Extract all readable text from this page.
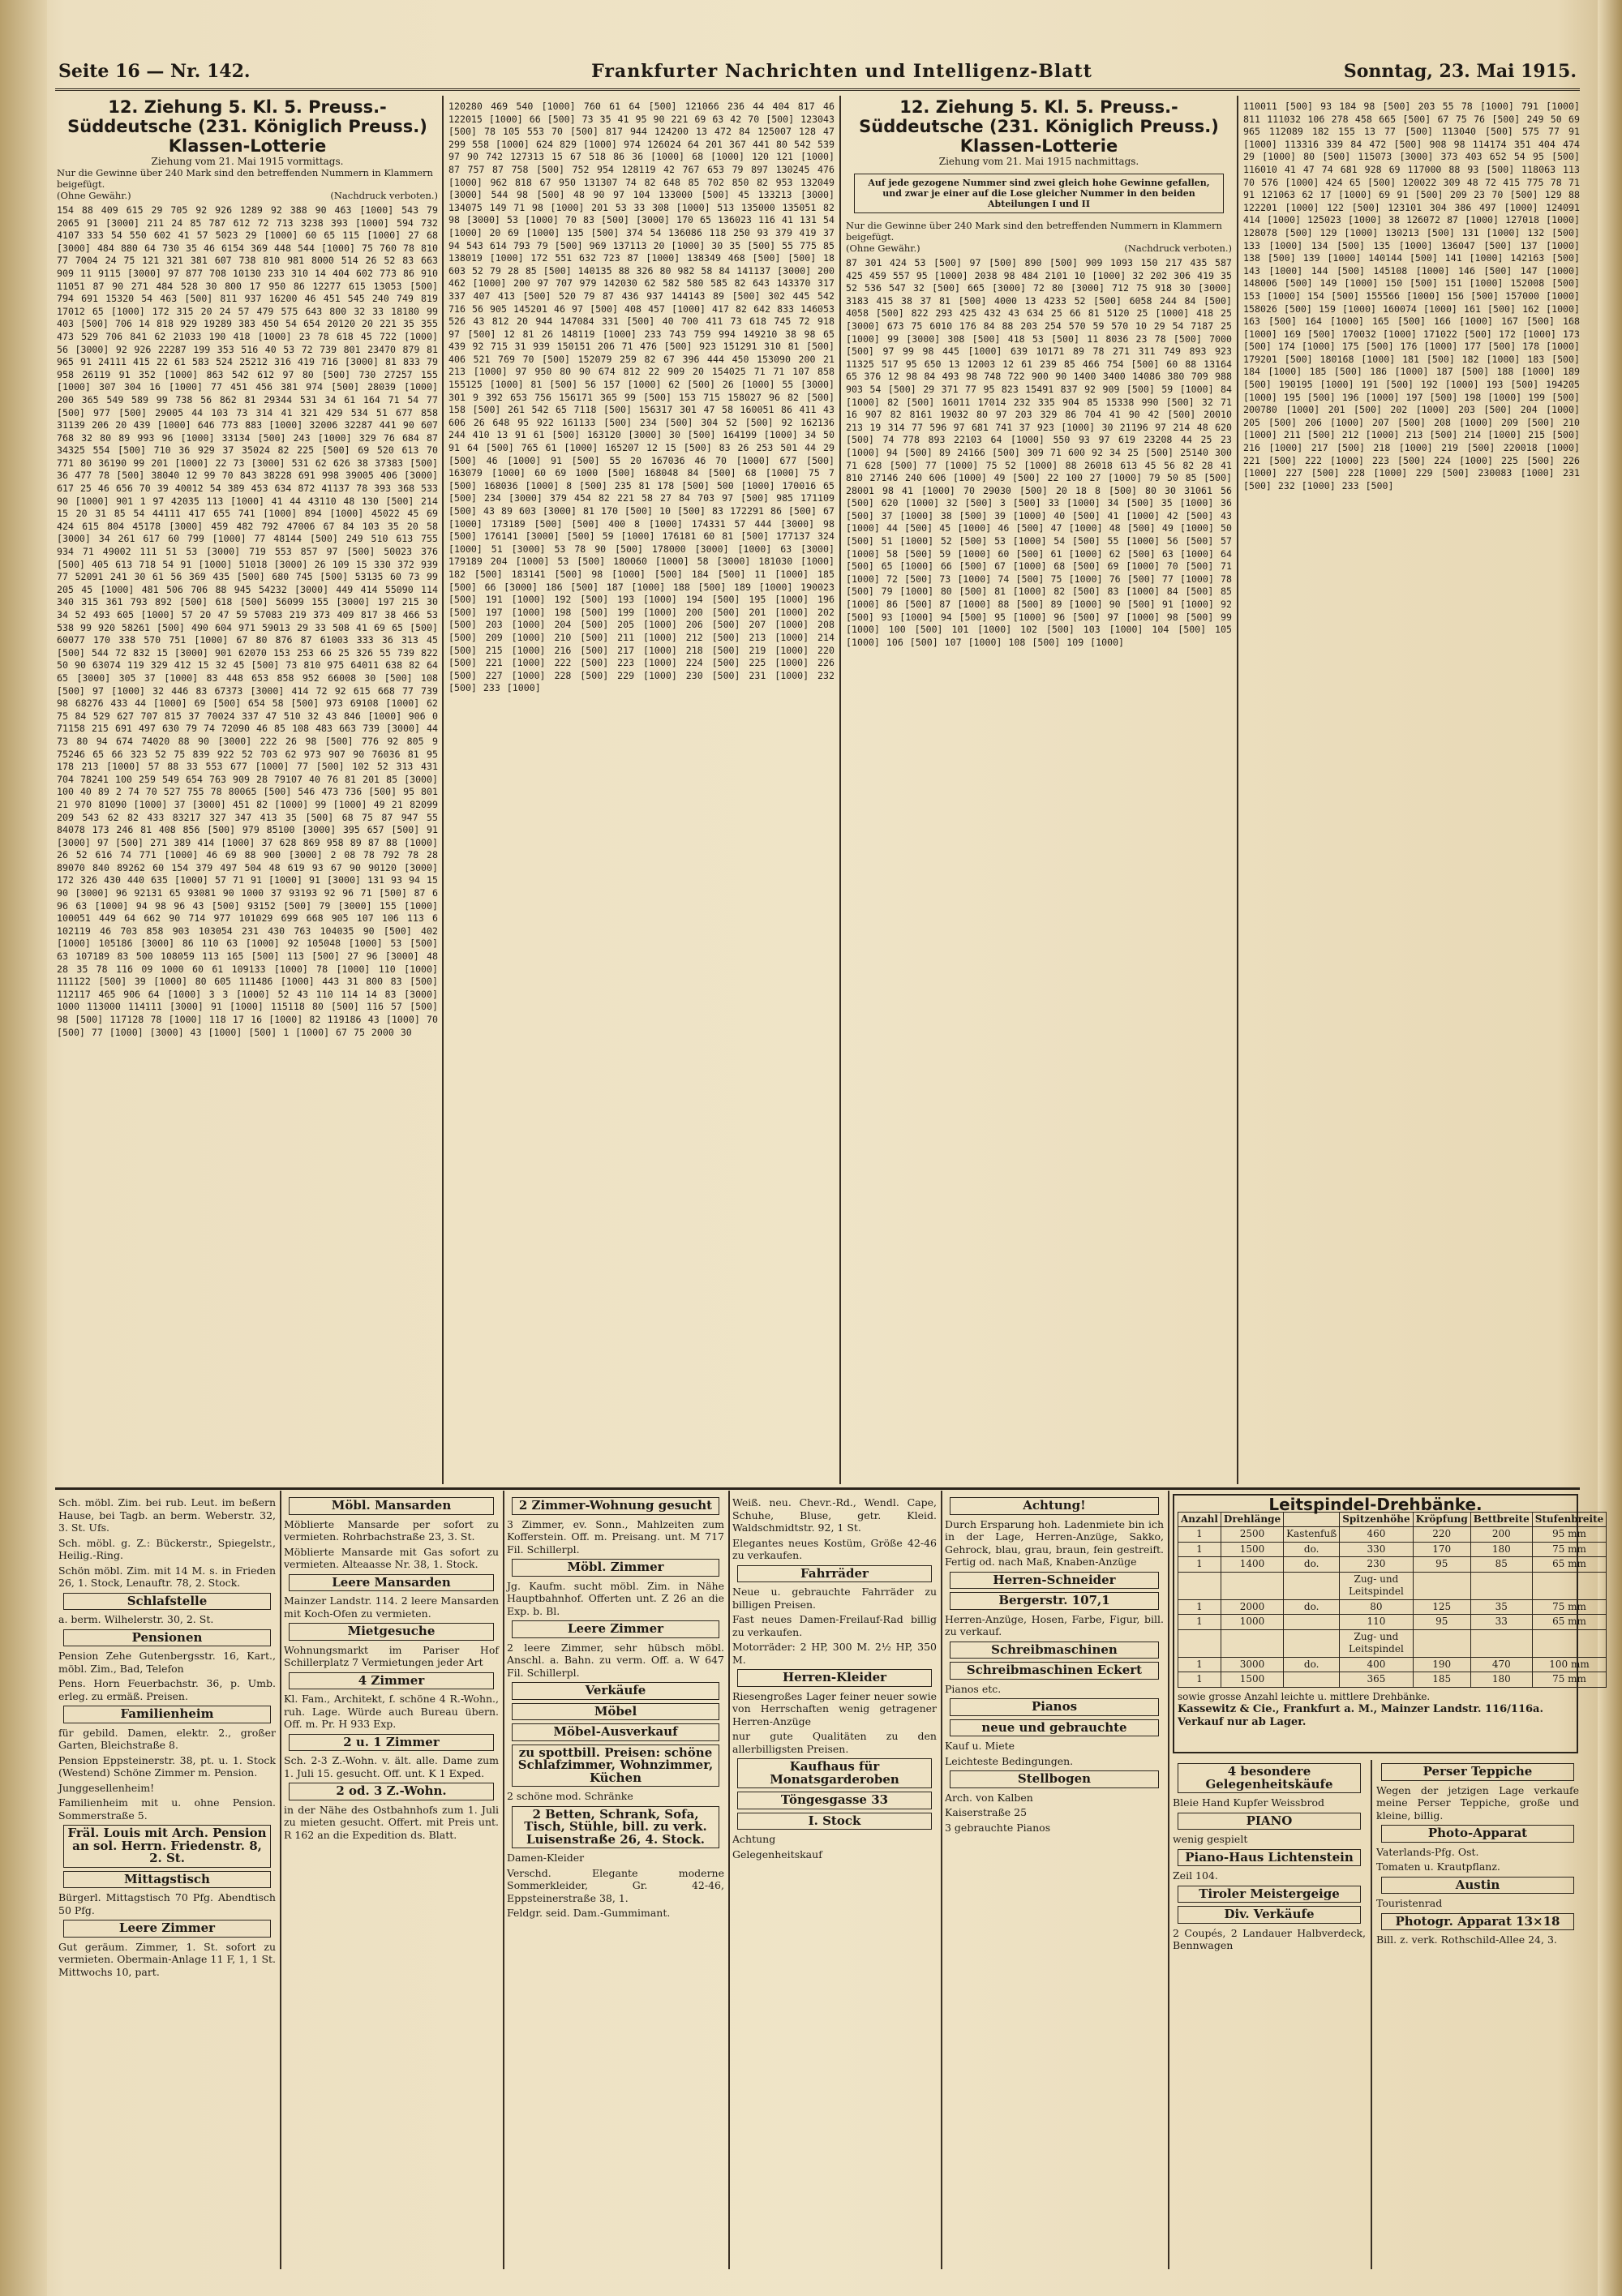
Seite 16 — Nr. 142.	Frankfurter Nachrichten und Intelligenz-Blatt	Sonntag, 23. Mai 1915.
12. Ziehung 5. Kl. 5. Preuss.-Süddeutsche (231. Königlich Preuss.) Klassen-Lotterie
Ziehung vom 21. Mai 1915 vormittags.
Nur die Gewinne über 240 Mark sind den betreffenden Nummern in Klammern beigefügt.
(Ohne Gewähr.)	(Nachdruck verboten.)
154 88 409 615 29 705 92 926 1289 92 388 90 463 [1000] 543 79 2065 91 [3000] 211 24 85 787 612 72 713 3238 393 [1000] 594 732 4107 333 54 550 602 41 57 5023 29 [1000] 60 65 115 [1000] 27 68 [3000] 484 880 64 730 35 46 6154 369 448 544 [1000] 75 760 78 810 77 7004 24 75 121 321 381 607 738 810 981 8000 514 26 52 83 663 909 11 9115 [3000] 97 877 708 10130 233 310 14 404 602 773 86 910 11051 87 90 271 484 528 30 800 17 950 86 12277 615 13053 [500] 794 691 15320 54 463 [500] 811 937 16200 46 451 545 240 749 819 17012 65 [1000] 172 315 20 24 57 479 575 643 800 32 33 18180 99 403 [500] 706 14 818 929 19289 383 450 54 654 20120 20 221 35 355 473 529 706 841 62 21033 190 418 [1000] 23 78 618 45 722 [1000] 56 [3000] 92 926 22287 199 353 516 40 53 72 739 801 23470 879 81 965 91 24111 415 22 61 583 524 25212 316 419 716 [3000] 81 833 79 958 26119 91 352 [1000] 863 542 612 97 80 [500] 730 27257 155 [1000] 307 304 16 [1000] 77 451 456 381 974 [500] 28039 [1000] 200 365 549 589 99 738 56 862 81 29344 531 34 61 164 71 54 77 [500] 977 [500] 29005 44 103 73 314 41 321 429 534 51 677 858 31139 206 20 439 [1000] 646 773 883 [1000] 32006 32287 441 90 607 768 32 80 89 993 96 [1000] 33134 [500] 243 [1000] 329 76 684 87 34325 554 [500] 710 36 929 37 35024 82 225 [500] 69 520 613 70 771 80 36190 99 201 [1000] 22 73 [3000] 531 62 626 38 37383 [500] 36 477 78 [500] 38040 12 99 70 843 38228 691 998 39005 406 [3000] 617 25 46 656 70 39 40012 54 389 453 634 872 41137 78 393 368 533 90 [1000] 901 1 97 42035 113 [1000] 41 44 43110 48 130 [500] 214 15 20 31 85 54 44111 417 655 741 [1000] 894 [1000] 45022 45 69 424 615 804 45178 [3000] 459 482 792 47006 67 84 103 35 20 58 [3000] 34 261 617 60 799 [1000] 77 48144 [500] 249 510 613 755 934 71 49002 111 51 53 [3000] 719 553 857 97 [500] 50023 376 [500] 405 613 718 54 91 [1000] 51018 [3000] 26 109 15 330 372 939 77 52091 241 30 61 56 369 435 [500] 680 745 [500] 53135 60 73 99 205 45 [1000] 481 506 706 88 945 54232 [3000] 449 414 55090 114 340 315 361 793 892 [500] 618 [500] 56099 155 [3000] 197 215 30 34 52 493 605 [1000] 57 20 47 59 57083 219 373 409 817 38 466 53 538 99 920 58261 [500] 490 604 971 59013 29 33 508 41 69 65 [500] 60077 170 338 570 751 [1000] 67 80 876 87 61003 333 36 313 45 [500] 544 72 832 15 [3000] 901 62070 153 253 66 25 326 55 739 822 50 90 63074 119 329 412 15 32 45 [500] 73 810 975 64011 638 82 64 65 [3000] 305 37 [1000] 83 448 653 858 952 66008 30 [500] 108 [500] 97 [1000] 32 446 83 67373 [3000] 414 72 92 615 668 77 739 98 68276 433 44 [1000] 69 [500] 654 58 [500] 973 69108 [1000] 62 75 84 529 627 707 815 37 70024 337 47 510 32 43 846 [1000] 906 0 71158 215 691 497 630 79 74 72090 46 85 108 483 663 739 [3000] 44 73 80 94 674 74020 88 90 [3000] 222 26 98 [500] 776 92 805 9 75246 65 66 323 52 75 839 922 52 703 62 973 907 90 76036 81 95 178 213 [1000] 57 88 33 553 677 [1000] 77 [500] 102 52 313 431 704 78241 100 259 549 654 763 909 28 79107 40 76 81 201 85 [3000] 100 40 89 2 74 70 527 755 78 80065 [500] 546 473 736 [500] 95 801 21 970 81090 [1000] 37 [3000] 451 82 [1000] 99 [1000] 49 21 82099 209 543 62 82 433 83217 327 347 413 35 [500] 68 75 87 947 55 84078 173 246 81 408 856 [500] 979 85100 [3000] 395 657 [500] 91 [3000] 97 [500] 271 389 414 [1000] 37 628 869 958 89 87 88 [1000] 26 52 616 74 771 [1000] 46 69 88 900 [3000] 2 08 78 792 78 28 89070 840 89262 60 154 379 497 504 48 619 93 67 90 90120 [3000] 172 326 430 440 635 [1000] 57 71 91 [1000] 91 [3000] 131 93 94 15 90 [3000] 96 92131 65 93081 90 1000 37 93193 92 96 71 [500] 87 6 96 63 [1000] 94 98 96 43 [500] 93152 [500] 79 [3000] 155 [1000] 100051 449 64 662 90 714 977 101029 699 668 905 107 106 113 6 102119 46 703 858 903 103054 231 430 763 104035 90 [500] 402 [1000] 105186 [3000] 86 110 63 [1000] 92 105048 [1000] 53 [500] 63 107189 83 500 108059 113 165 [500] 113 [500] 27 96 [3000] 48 28 35 78 116 09 1000 60 61 109133 [1000] 78 [1000] 110 [1000] 111122 [500] 39 [1000] 80 605 111486 [1000] 443 31 800 83 [500] 112117 465 906 64 [1000] 3 3 [1000] 52 43 110 114 14 83 [3000] 1000 113000 114111 [3000] 91 [1000] 115118 80 [500] 116 57 [500] 98 [500] 117128 78 [1000] 118 17 16 [1000] 82 119186 43 [1000] 70 [500] 77 [1000] [3000] 43 [1000] [500] 1 [1000] 67 75 2000 30
120280 469 540 [1000] 760 61 64 [500] 121066 236 44 404 817 46 122015 [1000] 66 [500] 73 35 41 95 90 221 69 63 42 70 [500] 123043 [500] 78 105 553 70 [500] 817 944 124200 13 472 84 125007 128 47 299 558 [1000] 624 829 [1000] 974 126024 64 201 367 441 80 542 539 97 90 742 127313 15 67 518 86 36 [1000] 68 [1000] 120 121 [1000] 87 757 87 758 [500] 752 954 128119 42 767 653 79 897 130245 476 [1000] 962 818 67 950 131307 74 82 648 85 702 850 82 953 132049 [3000] 544 98 [500] 48 90 97 104 133000 [500] 45 133213 [3000] 134075 149 71 98 [1000] 201 53 33 308 [1000] 513 135000 135051 82 98 [3000] 53 [1000] 70 83 [500] [3000] 170 65 136023 116 41 131 54 [1000] 20 69 [1000] 135 [500] 374 54 136086 118 250 93 379 419 37 94 543 614 793 79 [500] 969 137113 20 [1000] 30 35 [500] 55 775 85 138019 [1000] 172 551 632 723 87 [1000] 138349 468 [500] [500] 18 603 52 79 28 85 [500] 140135 88 326 80 982 58 84 141137 [3000] 200 462 [1000] 200 97 707 979 142030 62 582 580 585 82 643 143370 317 337 407 413 [500] 520 79 87 436 937 144143 89 [500] 302 445 542 716 56 905 145201 46 97 [500] 408 457 [1000] 417 82 642 833 146053 526 43 812 20 944 147084 331 [500] 40 700 411 73 618 745 72 918 97 [500] 12 81 26 148119 [1000] 233 743 759 994 149210 38 98 65 439 92 715 31 939 150151 206 71 476 [500] 923 151291 310 81 [500] 406 521 769 70 [500] 152079 259 82 67 396 444 450 153090 200 21 213 [1000] 97 950 80 90 674 812 22 909 20 154025 71 71 107 858 155125 [1000] 81 [500] 56 157 [1000] 62 [500] 26 [1000] 55 [3000] 301 9 392 653 756 156171 365 99 [500] 153 715 158027 96 82 [500] 158 [500] 261 542 65 7118 [500] 156317 301 47 58 160051 86 411 43 606 26 648 95 922 161133 [500] 234 [500] 304 52 [500] 92 162136 244 410 13 91 61 [500] 163120 [3000] 30 [500] 164199 [1000] 34 50 91 64 [500] 765 61 [1000] 165207 12 15 [500] 83 26 253 501 44 29 [500] 46 [1000] 91 [500] 55 20 167036 46 70 [1000] 677 [500] 163079 [1000] 60 69 1000 [500] 168048 84 [500] 68 [1000] 75 7 [500] 168036 [1000] 8 [500] 235 81 178 [500] 500 [1000] 170016 65 [500] 234 [3000] 379 454 82 221 58 27 84 703 97 [500] 985 171109 [500] 43 89 603 [3000] 81 170 [500] 10 [500] 83 172291 86 [500] 67 [1000] 173189 [500] [500] 400 8 [1000] 174331 57 444 [3000] 98 [500] 176141 [3000] [500] 59 [1000] 176181 60 81 [500] 177137 324 [1000] 51 [3000] 53 78 90 [500] 178000 [3000] [1000] 63 [3000] 179189 204 [1000] 53 [500] 180060 [1000] 58 [3000] 181030 [1000] 182 [500] 183141 [500] 98 [1000] [500] 184 [500] 11 [1000] 185 [500] 66 [3000] 186 [500] 187 [1000] 188 [500] 189 [1000] 190023 [500] 191 [1000] 192 [500] 193 [1000] 194 [500] 195 [1000] 196 [500] 197 [1000] 198 [500] 199 [1000] 200 [500] 201 [1000] 202 [500] 203 [1000] 204 [500] 205 [1000] 206 [500] 207 [1000] 208 [500] 209 [1000] 210 [500] 211 [1000] 212 [500] 213 [1000] 214 [500] 215 [1000] 216 [500] 217 [1000] 218 [500] 219 [1000] 220 [500] 221 [1000] 222 [500] 223 [1000] 224 [500] 225 [1000] 226 [500] 227 [1000] 228 [500] 229 [1000] 230 [500] 231 [1000] 232 [500] 233 [1000]
12. Ziehung 5. Kl. 5. Preuss.-Süddeutsche (231. Königlich Preuss.) Klassen-Lotterie
Ziehung vom 21. Mai 1915 nachmittags.
Auf jede gezogene Nummer sind zwei gleich hohe Gewinne gefallen, und zwar je einer auf die Lose gleicher Nummer in den beiden Abteilungen I und II
Nur die Gewinne über 240 Mark sind den betreffenden Nummern in Klammern beigefügt.
(Ohne Gewähr.)	(Nachdruck verboten.)
87 301 424 53 [500] 97 [500] 890 [500] 909 1093 150 217 435 587 425 459 557 95 [1000] 2038 98 484 2101 10 [1000] 32 202 306 419 35 52 536 547 32 [500] 665 [3000] 72 80 [3000] 712 75 918 30 [3000] 3183 415 38 37 81 [500] 4000 13 4233 52 [500] 6058 244 84 [500] 4058 [500] 822 293 425 432 43 634 25 66 81 5120 25 [1000] 418 25 [3000] 673 75 6010 176 84 88 203 254 570 59 570 10 29 54 7187 25 [1000] 99 [3000] 308 [500] 418 53 [500] 11 8036 23 78 [500] 7000 [500] 97 99 98 445 [1000] 639 10171 89 78 271 311 749 893 923 11325 517 95 650 13 12003 12 61 239 85 466 754 [500] 60 88 13164 65 376 12 98 84 493 98 748 722 900 90 1400 3400 14086 380 709 988 903 54 [500] 29 371 77 95 823 15491 837 92 909 [500] 59 [1000] 84 [1000] 82 [500] 16011 17014 232 335 904 85 15338 990 [500] 32 71 16 907 82 8161 19032 80 97 203 329 86 704 41 90 42 [500] 20010 213 19 314 77 596 97 681 741 37 923 [1000] 30 21196 97 214 48 620 [500] 74 778 893 22103 64 [1000] 550 93 97 619 23208 44 25 23 [1000] 94 [500] 89 24166 [500] 309 71 600 92 34 25 [500] 25140 300 71 628 [500] 77 [1000] 75 52 [1000] 88 26018 613 45 56 82 28 41 810 27146 240 606 [1000] 49 [500] 22 100 27 [1000] 79 50 85 [500] 28001 98 41 [1000] 70 29030 [500] 20 18 8 [500] 80 30 31061 56 [500] 620 [1000] 32 [500] 3 [500] 33 [1000] 34 [500] 35 [1000] 36 [500] 37 [1000] 38 [500] 39 [1000] 40 [500] 41 [1000] 42 [500] 43 [1000] 44 [500] 45 [1000] 46 [500] 47 [1000] 48 [500] 49 [1000] 50 [500] 51 [1000] 52 [500] 53 [1000] 54 [500] 55 [1000] 56 [500] 57 [1000] 58 [500] 59 [1000] 60 [500] 61 [1000] 62 [500] 63 [1000] 64 [500] 65 [1000] 66 [500] 67 [1000] 68 [500] 69 [1000] 70 [500] 71 [1000] 72 [500] 73 [1000] 74 [500] 75 [1000] 76 [500] 77 [1000] 78 [500] 79 [1000] 80 [500] 81 [1000] 82 [500] 83 [1000] 84 [500] 85 [1000] 86 [500] 87 [1000] 88 [500] 89 [1000] 90 [500] 91 [1000] 92 [500] 93 [1000] 94 [500] 95 [1000] 96 [500] 97 [1000] 98 [500] 99 [1000] 100 [500] 101 [1000] 102 [500] 103 [1000] 104 [500] 105 [1000] 106 [500] 107 [1000] 108 [500] 109 [1000]
110011 [500] 93 184 98 [500] 203 55 78 [1000] 791 [1000] 811 111032 106 278 458 665 [500] 67 75 76 [500] 249 50 69 965 112089 182 155 13 77 [500] 113040 [500] 575 77 91 [1000] 113316 339 84 472 [500] 908 98 114174 351 404 474 29 [1000] 80 [500] 115073 [3000] 373 403 652 54 95 [500] 116010 41 47 74 681 928 69 117000 88 93 [500] 118063 113 70 576 [1000] 424 65 [500] 120022 309 48 72 415 775 78 71 91 121063 62 17 [1000] 69 91 [500] 209 23 70 [500] 129 88 122201 [1000] 122 [500] 123101 304 386 497 [1000] 124091 414 [1000] 125023 [1000] 38 126072 87 [1000] 127018 [1000] 128078 [500] 129 [1000] 130213 [500] 131 [1000] 132 [500] 133 [1000] 134 [500] 135 [1000] 136047 [500] 137 [1000] 138 [500] 139 [1000] 140144 [500] 141 [1000] 142163 [500] 143 [1000] 144 [500] 145108 [1000] 146 [500] 147 [1000] 148006 [500] 149 [1000] 150 [500] 151 [1000] 152008 [500] 153 [1000] 154 [500] 155566 [1000] 156 [500] 157000 [1000] 158026 [500] 159 [1000] 160074 [1000] 161 [500] 162 [1000] 163 [500] 164 [1000] 165 [500] 166 [1000] 167 [500] 168 [1000] 169 [500] 170032 [1000] 171022 [500] 172 [1000] 173 [500] 174 [1000] 175 [500] 176 [1000] 177 [500] 178 [1000] 179201 [500] 180168 [1000] 181 [500] 182 [1000] 183 [500] 184 [1000] 185 [500] 186 [1000] 187 [500] 188 [1000] 189 [500] 190195 [1000] 191 [500] 192 [1000] 193 [500] 194205 [1000] 195 [500] 196 [1000] 197 [500] 198 [1000] 199 [500] 200780 [1000] 201 [500] 202 [1000] 203 [500] 204 [1000] 205 [500] 206 [1000] 207 [500] 208 [1000] 209 [500] 210 [1000] 211 [500] 212 [1000] 213 [500] 214 [1000] 215 [500] 216 [1000] 217 [500] 218 [1000] 219 [500] 220018 [1000] 221 [500] 222 [1000] 223 [500] 224 [1000] 225 [500] 226 [1000] 227 [500] 228 [1000] 229 [500] 230083 [1000] 231 [500] 232 [1000] 233 [500]
Sch. möbl. Zim. bei rub. Leut. im beßern Hause, bei Tagb. an berm. Weberstr. 32, 3. St. Ufs.
Sch. möbl. g. Z.: Bückerstr., Spiegelstr., Heilig.-Ring.
Schön möbl. Zim. mit 14 M. s. in Frieden 26, 1. Stock, Lenauftr. 78, 2. Stock.
Schlafstelle
a. berm. Wilhelerstr. 30, 2. St.
Pensionen
Pension Zehe Gutenbergsstr. 16, Kart., möbl. Zim., Bad, Telefon
Pens. Horn Feuerbachstr. 36, p. Umb. erleg. zu ermäß. Preisen.
Familienheim
für gebild. Damen, elektr. 2., großer Garten, Bleichstraße 8.
Pension Eppsteinerstr. 38, pt. u. 1. Stock (Westend) Schöne Zimmer m. Pension.
Junggesellenheim!
Familienheim mit u. ohne Pension. Sommerstraße 5.
Fräl. Louis mit Arch. Pension an sol. Herrn. Friedenstr. 8, 2. St.
Mittagstisch
Bürgerl. Mittagstisch 70 Pfg. Abendtisch 50 Pfg.
Leere Zimmer
Gut geräum. Zimmer, 1. St. sofort zu vermieten. Obermain-Anlage 11 F, 1, 1 St. Mittwochs 10, part.
Möbl. Mansarden
Möblierte Mansarde per sofort zu vermieten. Rohrbachstraße 23, 3. St.
Möblierte Mansarde mit Gas sofort zu vermieten. Alteaasse Nr. 38, 1. Stock.
Leere Mansarden
Mainzer Landstr. 114. 2 leere Mansarden mit Koch-Ofen zu vermieten.
Mietgesuche
Wohnungsmarkt im Pariser Hof Schillerplatz 7 Vermietungen jeder Art
4 Zimmer
Kl. Fam., Architekt, f. schöne 4 R.-Wohn., ruh. Lage. Würde auch Bureau übern. Off. m. Pr. H 933 Exp.
2 u. 1 Zimmer
Sch. 2-3 Z.-Wohn. v. ält. alle. Dame zum 1. Juli 15. gesucht. Off. unt. K 1 Exped.
2 od. 3 Z.-Wohn.
in der Nähe des Ostbahnhofs zum 1. Juli zu mieten gesucht. Offert. mit Preis unt. R 162 an die Expedition ds. Blatt.
2 Zimmer-Wohnung gesucht
3 Zimmer, ev. Sonn., Mahlzeiten zum Kofferstein. Off. m. Preisang. unt. M 717 Fil. Schillerpl.
Möbl. Zimmer
Jg. Kaufm. sucht möbl. Zim. in Nähe Hauptbahnhof. Offerten unt. Z 26 an die Exp. b. Bl.
Leere Zimmer
2 leere Zimmer, sehr hübsch möbl. Anschl. a. Bahn. zu verm. Off. a. W 647 Fil. Schillerpl.
Verkäufe
Möbel
Möbel-Ausverkauf
zu spottbill. Preisen: schöne Schlafzimmer, Wohnzimmer, Küchen
2 schöne mod. Schränke
2 Betten, Schrank, Sofa, Tisch, Stühle, bill. zu verk. Luisenstraße 26, 4. Stock.
Damen-Kleider
Verschd. Elegante moderne Sommerkleider, Gr. 42-46, Eppsteinerstraße 38, 1.
Feldgr. seid. Dam.-Gummimant.
Weiß. neu. Chevr.-Rd., Wendl. Cape, Schuhe, Bluse, getr. Kleid. Waldschmidtstr. 92, 1 St.
Elegantes neues Kostüm, Größe 42-46 zu verkaufen.
Fahrräder
Neue u. gebrauchte Fahrräder zu billigen Preisen.
Fast neues Damen-Freilauf-Rad billig zu verkaufen.
Motorräder: 2 HP, 300 M. 2½ HP, 350 M.
Herren-Kleider
Riesengroßes Lager feiner neuer sowie von Herrschaften wenig getragener Herren-Anzüge
nur gute Qualitäten zu den allerbilligsten Preisen.
Kaufhaus für Monatsgarderoben
Töngesgasse 33
I. Stock
Achtung
Gelegenheitskauf
Achtung!
Durch Ersparung hoh. Ladenmiete bin ich in der Lage, Herren-Anzüge, Sakko, Gehrock, blau, grau, braun, fein gestreift. Fertig od. nach Maß, Knaben-Anzüge
Herren-Schneider
Bergerstr. 107,1
Herren-Anzüge, Hosen, Farbe, Figur, bill. zu verkauf.
Schreibmaschinen
Schreibmaschinen Eckert
Pianos etc.
Pianos
neue und gebrauchte
Kauf u. Miete
Leichteste Bedingungen.
Stellbogen
Arch. von Kalben
Kaiserstraße 25
3 gebrauchte Pianos
Leitspindel-Drehbänke.
Anzahl	Drehlänge		Spitzenhöhe	Kröpfung	Bettbreite	Stufenbreite
1	2500	Kastenfuß	460	220	200	95 mm
1	1500	do.	330	170	180	75 mm
1	1400	do.	230	95	85	65 mm
			Zug- und Leitspindel			
1	2000	do.	80	125	35	75 mm
1	1000		110	95	33	65 mm
			Zug- und Leitspindel			
1	3000	do.	400	190	470	100 mm
1	1500		365	185	180	75 mm
sowie grosse Anzahl leichte u. mittlere Drehbänke.
Kassewitz & Cie., Frankfurt a. M., Mainzer Landstr. 116/116a. Verkauf nur ab Lager.
4 besondere Gelegenheitskäufe
Bleie Hand Kupfer Weissbrod
PIANO
wenig gespielt
Piano-Haus Lichtenstein
Zeil 104.
Tiroler Meistergeige
Div. Verkäufe
2 Coupés, 2 Landauer Halbverdeck, Bennwagen
Perser Teppiche
Wegen der jetzigen Lage verkaufe meine Perser Teppiche, große und kleine, billig.
Photo-Apparat
Vaterlands-Pfg. Ost.
Tomaten u. Krautpflanz.
Austin
Touristenrad
Photogr. Apparat 13×18
Bill. z. verk. Rothschild-Allee 24, 3.
